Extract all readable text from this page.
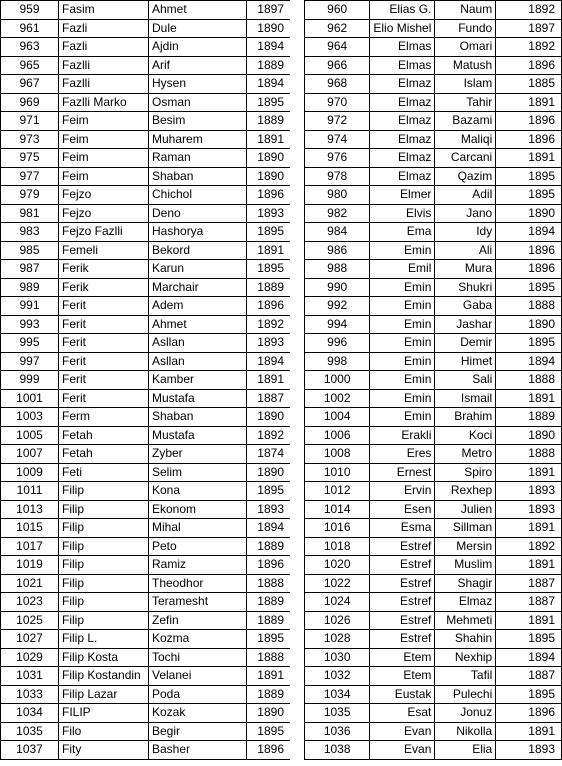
959	Fasim	Ahmet	1897
961	Fazli	Dule	1890
963	Fazli	Ajdin	1894
965	Fazlli	Arif	1889
967	Fazlli	Hysen	1894
969	Fazlli Marko	Osman	1895
971	Feim	Besim	1889
973	Feim	Muharem	1891
975	Feim	Raman	1890
977	Feim	Shaban	1890
979	Fejzo	Chichol	1896
981	Fejzo	Deno	1893
983	Fejzo Fazlli	Hashorya	1895
985	Femeli	Bekord	1891
987	Ferik	Karun	1895
989	Ferik	Marchair	1889
991	Ferit	Adem	1896
993	Ferit	Ahmet	1892
995	Ferit	Asllan	1893
997	Ferit	Asllan	1894
999	Ferit	Kamber	1891
1001	Ferit	Mustafa	1887
1003	Ferm	Shaban	1890
1005	Fetah	Mustafa	1892
1007	Fetah	Zyber	1874
1009	Feti	Selim	1890
1011	Filip	Kona	1895
1013	Filip	Ekonom	1893
1015	Filip	Mihal	1894
1017	Filip	Peto	1889
1019	Filip	Ramiz	1896
1021	Filip	Theodhor	1888
1023	Filip	Teramesht	1889
1025	Filip	Zefin	1889
1027	Filip L.	Kozma	1895
1029	Filip Kosta	Tochi	1888
1031	Filip Kostandin	Velanei	1891
1033	Filip Lazar	Poda	1889
1034	FILIP	Kozak	1890
1035	Filo	Begir	1895
1037	Fity	Basher	1896
960	Elias G.	Naum	1892
962	Elio Mishel	Fundo	1897
964	Elmas	Omari	1892
966	Elmas	Matush	1896
968	Elmaz	Islam	1885
970	Elmaz	Tahir	1891
972	Elmaz	Bazami	1896
974	Elmaz	Maliqi	1896
976	Elmaz	Carcani	1891
978	Elmaz	Qazim	1895
980	Elmer	Adil	1895
982	Elvis	Jano	1890
984	Ema	Idy	1894
986	Emin	Ali	1896
988	Emil	Mura	1896
990	Emin	Shukri	1895
992	Emin	Gaba	1888
994	Emin	Jashar	1890
996	Emin	Demir	1895
998	Emin	Himet	1894
1000	Emin	Sali	1888
1002	Emin	Ismail	1891
1004	Emin	Brahim	1889
1006	Erakli	Koci	1890
1008	Eres	Metro	1888
1010	Ernest	Spiro	1891
1012	Ervin	Rexhep	1893
1014	Esen	Julien	1893
1016	Esma	Sillman	1891
1018	Estref	Mersin	1892
1020	Estref	Muslim	1891
1022	Estref	Shagir	1887
1024	Estref	Elmaz	1887
1026	Estref	Mehmeti	1891
1028	Estref	Shahin	1895
1030	Etem	Nexhip	1894
1032	Etem	Tafil	1887
1034	Eustak	Pulechi	1895
1035	Esat	Jonuz	1896
1036	Evan	Nikolla	1891
1038	Evan	Elia	1893
